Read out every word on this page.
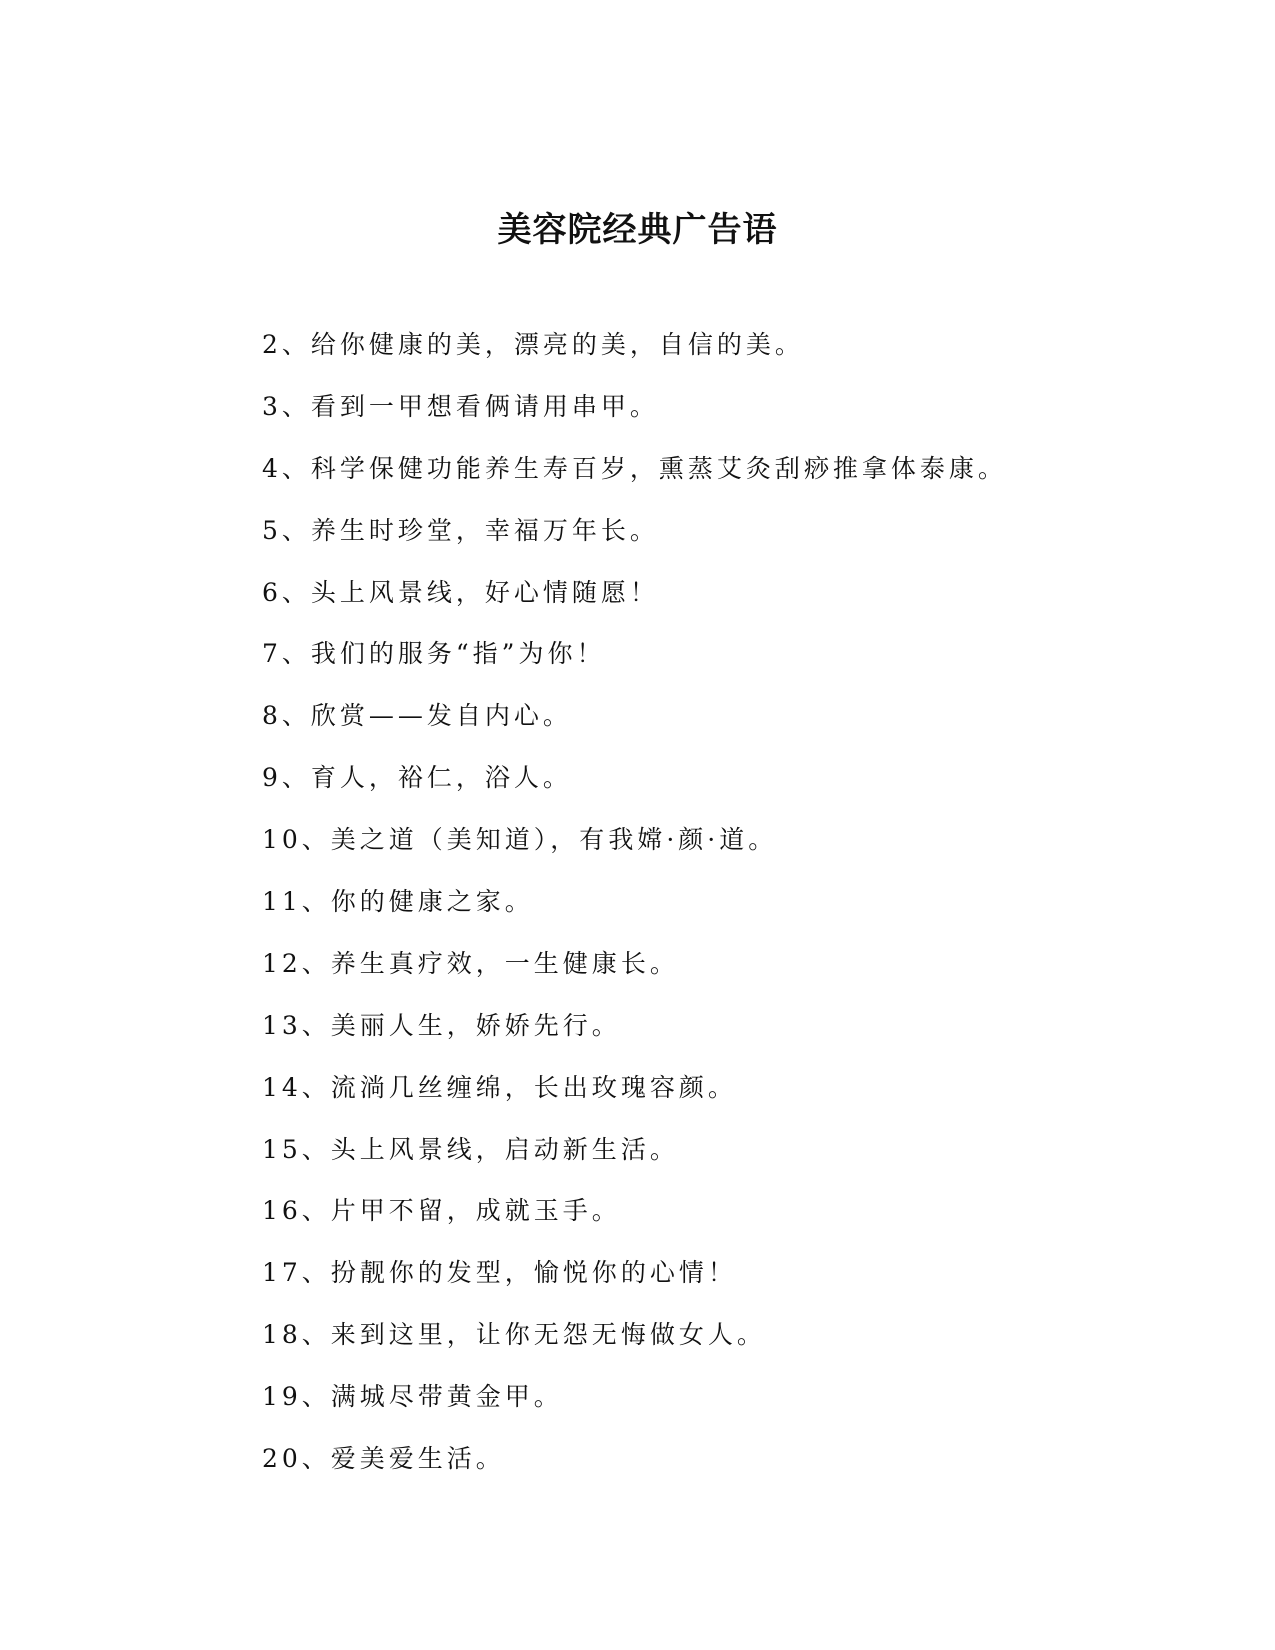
美容院经典广告语
2、给你健康的美，漂亮的美，自信的美。
3、看到一甲想看俩请用串甲。
4、科学保健功能养生寿百岁，熏蒸艾灸刮痧推拿体泰康。
5、养生时珍堂，幸福万年长。
6、头上风景线，好心情随愿！
7、我们的服务“指”为你！
8、欣赏——发自内心。
9、育人，裕仁，浴人。
10、美之道（美知道），有我嫦·颜·道。
11、你的健康之家。
12、养生真疗效，一生健康长。
13、美丽人生，娇娇先行。
14、流淌几丝缠绵，长出玫瑰容颜。
15、头上风景线，启动新生活。
16、片甲不留，成就玉手。
17、扮靓你的发型，愉悦你的心情！
18、来到这里，让你无怨无悔做女人。
19、满城尽带黄金甲。
20、爱美爱生活。
